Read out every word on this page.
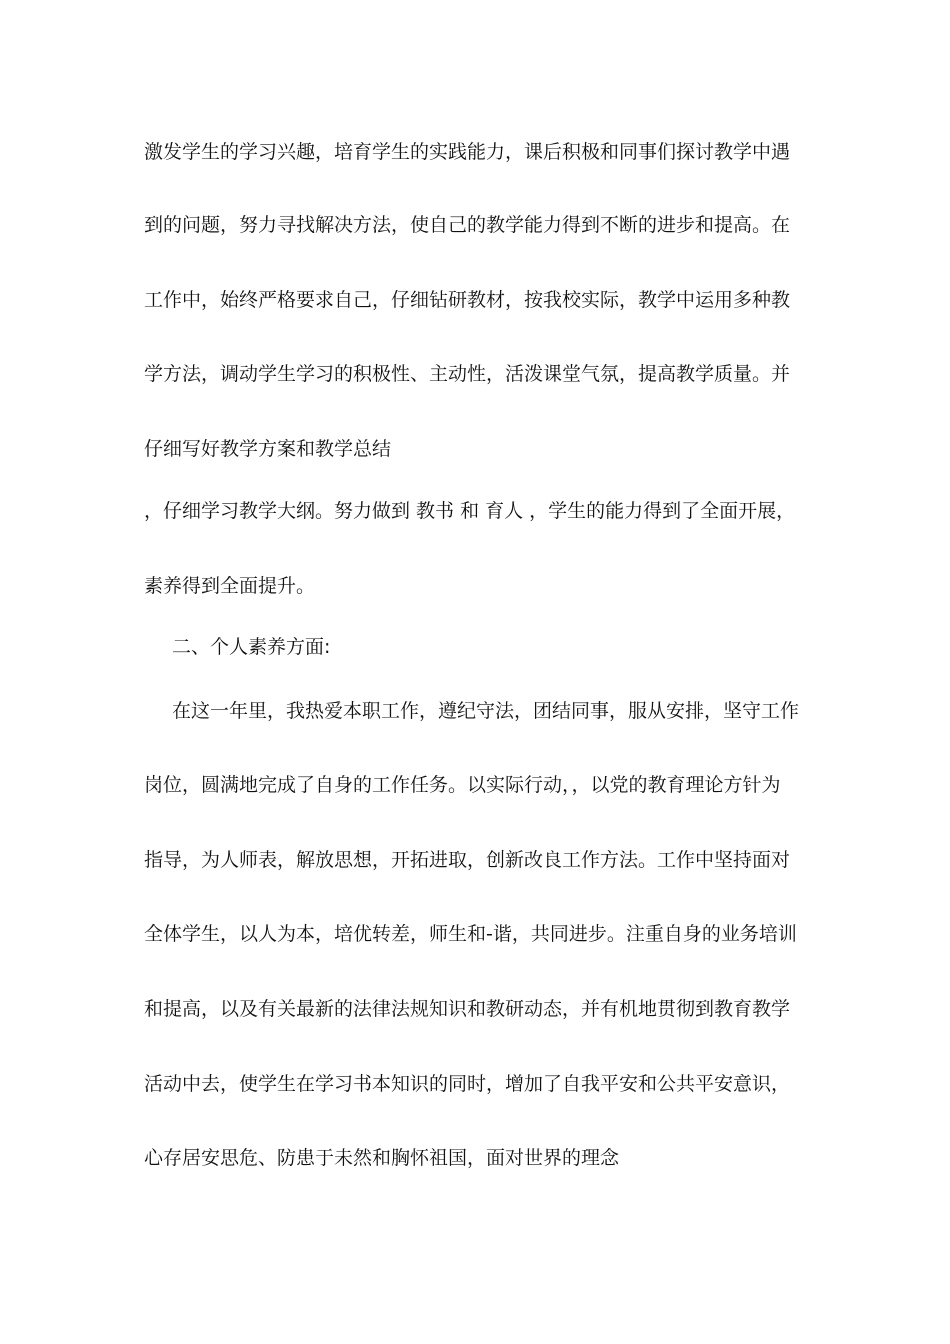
激发学生的学习兴趣，培育学生的实践能力，课后积极和同事们探讨教学中遇
到的问题，努力寻找解决方法，使自己的教学能力得到不断的进步和提高。在
工作中，始终严格要求自己，仔细钻研教材，按我校实际，教学中运用多种教
学方法，调动学生学习的积极性、主动性，活泼课堂气氛，提高教学质量。并
仔细写好教学方案和教学总结
，仔细学习教学大纲。努力做到 教书 和 育人 ，学生的能力得到了全面开展，
素养得到全面提升。
二、个人素养方面:
在这一年里，我热爱本职工作，遵纪守法，团结同事，服从安排，坚守工作
岗位，圆满地完成了自身的工作任务。以实际行动，，以党的教育理论方针为
指导，为人师表，解放思想，开拓进取，创新改良工作方法。工作中坚持面对
全体学生，以人为本，培优转差，师生和-谐，共同进步。注重自身的业务培训
和提高，以及有关最新的法律法规知识和教研动态，并有机地贯彻到教育教学
活动中去，使学生在学习书本知识的同时，增加了自我平安和公共平安意识，
心存居安思危、防患于未然和胸怀祖国，面对世界的理念
